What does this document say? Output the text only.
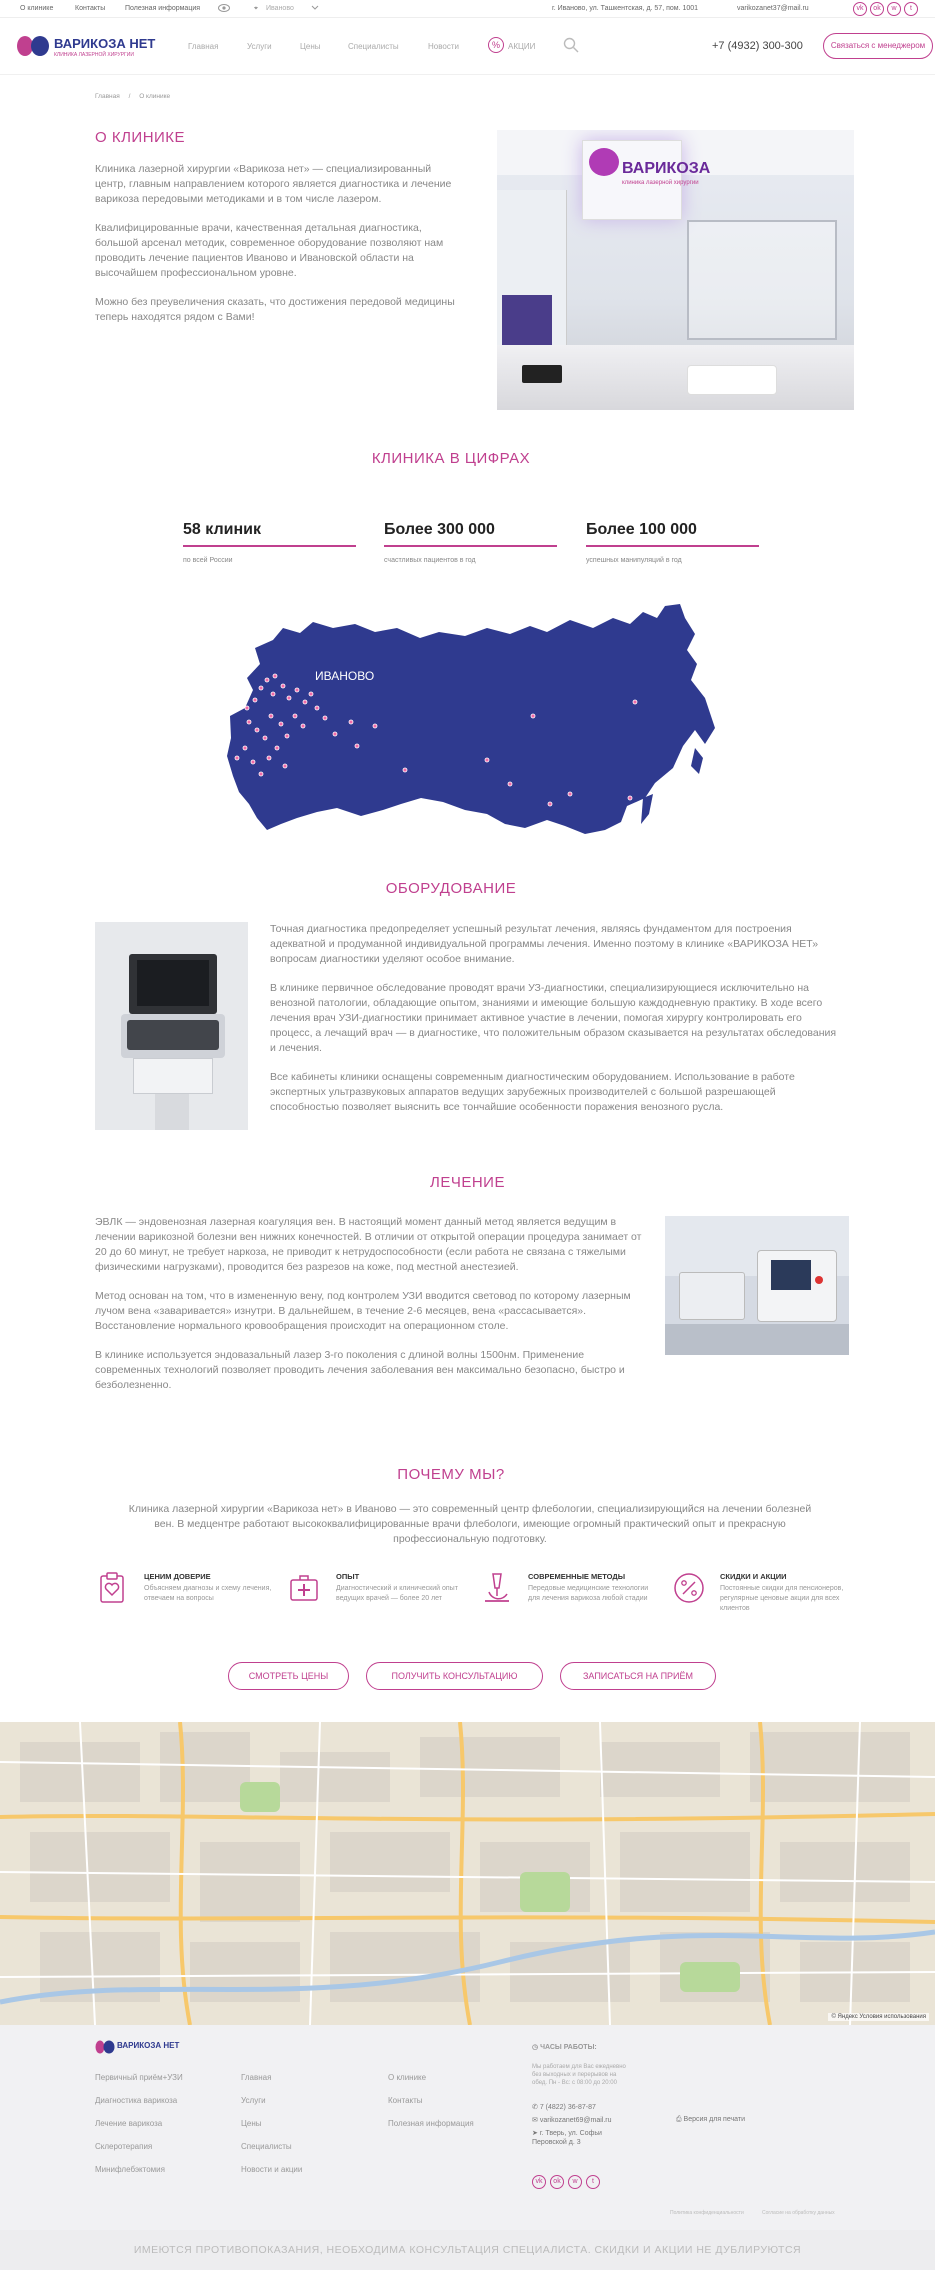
О клинике	Контакты	Полезная информация	⌖ Иваново	г. Иваново, ул. Ташкентская, д. 57, пом. 1001	varikozanet37@mail.ru	vk	ok	w	t
ВАРИКОЗА НЕТ
КЛИНИКА ЛАЗЕРНОЙ ХИРУРГИИ
Главная	Услуги	Цены	Специалисты	Новости	%	АКЦИИ	+7 (4932) 300-300	Связаться с менеджером
Главная / О клинике
О КЛИНИКЕ

Клиника лазерной хирургии «Варикоза нет» — специализированный центр, главным направлением которого является диагностика и лечение варикоза передовыми методиками и в том числе лазером.

Квалифицированные врачи, качественная детальная диагностика, большой арсенал методик, современное оборудование позволяют нам проводить лечение пациентов Иваново и Ивановской области на высочайшем профессиональном уровне.

Можно без преувеличения сказать, что достижения передовой медицины теперь находятся рядом с Вами!

ВАРИКОЗА
клиника лазерной хирургии
КЛИНИКА В ЦИФРАХ
58 клиник
по всей России
Более 300 000
счастливых пациентов в год
Более 100 000
успешных манипуляций в год
ИВАНОВО
ОБОРУДОВАНИЕ

Точная диагностика предопределяет успешный результат лечения, являясь фундаментом для построения адекватной и продуманной индивидуальной программы лечения. Именно поэтому в клинике «ВАРИКОЗА НЕТ» вопросам диагностики уделяют особое внимание.

В клинике первичное обследование проводят врачи УЗ-диагностики, специализирующиеся исключительно на венозной патологии, обладающие опытом, знаниями и имеющие большую каждодневную практику. В ходе всего лечения врач УЗИ-диагностики принимает активное участие в лечении, помогая хирургу контролировать его процесс, а лечащий врач — в диагностике, что положительным образом сказывается на результатах обследования и лечения.

Все кабинеты клиники оснащены современным диагностическим оборудованием. Использование в работе экспертных ультразвуковых аппаратов ведущих зарубежных производителей с большой разрешающей способностью позволяет выяснить все тончайшие особенности поражения венозного русла.

ЛЕЧЕНИЕ

ЭВЛК — эндовенозная лазерная коагуляция вен. В настоящий момент данный метод является ведущим в лечении варикозной болезни вен нижних конечностей. В отличии от открытой операции процедура занимает от 20 до 60 минут, не требует наркоза, не приводит к нетрудоспособности (если работа не связана с тяжелыми физическими нагрузками), проводится без разрезов на коже, под местной анестезией.

Метод основан на том, что в измененную вену, под контролем УЗИ вводится световод по которому лазерным лучом вена «заваривается» изнутри. В дальнейшем, в течение 2-6 месяцев, вена «рассасывается». Восстановление нормального кровообращения происходит на операционном столе.

В клинике используется эндовазальный лазер 3-го поколения с длиной волны 1500нм. Применение современных технологий позволяет проводить лечения заболевания вен максимально безопасно, быстро и безболезненно.

ПОЧЕМУ МЫ?

Клиника лазерной хирургии «Варикоза нет» в Иваново — это современный центр флебологии, специализирующийся на лечении болезней вен. В медцентре работают высококвалифицированные врачи флебологи, имеющие огромный практический опыт и прекрасную профессиональную подготовку.

ЦЕНИМ ДОВЕРИЕ
Объясняем диагнозы и схему лечения, отвечаем на вопросы
ОПЫТ
Диагностический и клинический опыт ведущих врачей — более 20 лет
СОВРЕМЕННЫЕ МЕТОДЫ
Передовые медицинские технологии для лечения варикоза любой стадии
СКИДКИ И АКЦИИ
Постоянные скидки для пенсионеров, регулярные ценовые акции для всех клиентов
СМОТРЕТЬ ЦЕНЫ	ПОЛУЧИТЬ КОНСУЛЬТАЦИЮ	ЗАПИСАТЬСЯ НА ПРИЁМ
© Яндекс Условия использования
ВАРИКОЗА НЕТ
Первичный приём+УЗИ
Диагностика варикоза
Лечение варикоза
Склеротерапия
Минифлебэктомия
Главная
Услуги
Цены
Специалисты
Новости и акции
О клинике
Контакты
Полезная информация
◷ ЧАСЫ РАБОТЫ:
Мы работаем для Вас ежедневно без выходных и перерывов на обед. Пн - Вс: с 08:00 до 20:00
✆ 7 (4822) 36-87-87
✉ varikozanet69@mail.ru
➤ г. Тверь, ул. Софьи Перовской д. 3
⎙ Версия для печати
vk	ok	w	t
Политика конфиденциальности	Согласие на обработку данных
ИМЕЮТСЯ ПРОТИВОПОКАЗАНИЯ, НЕОБХОДИМА КОНСУЛЬТАЦИЯ СПЕЦИАЛИСТА. СКИДКИ И АКЦИИ НЕ ДУБЛИРУЮТСЯ
